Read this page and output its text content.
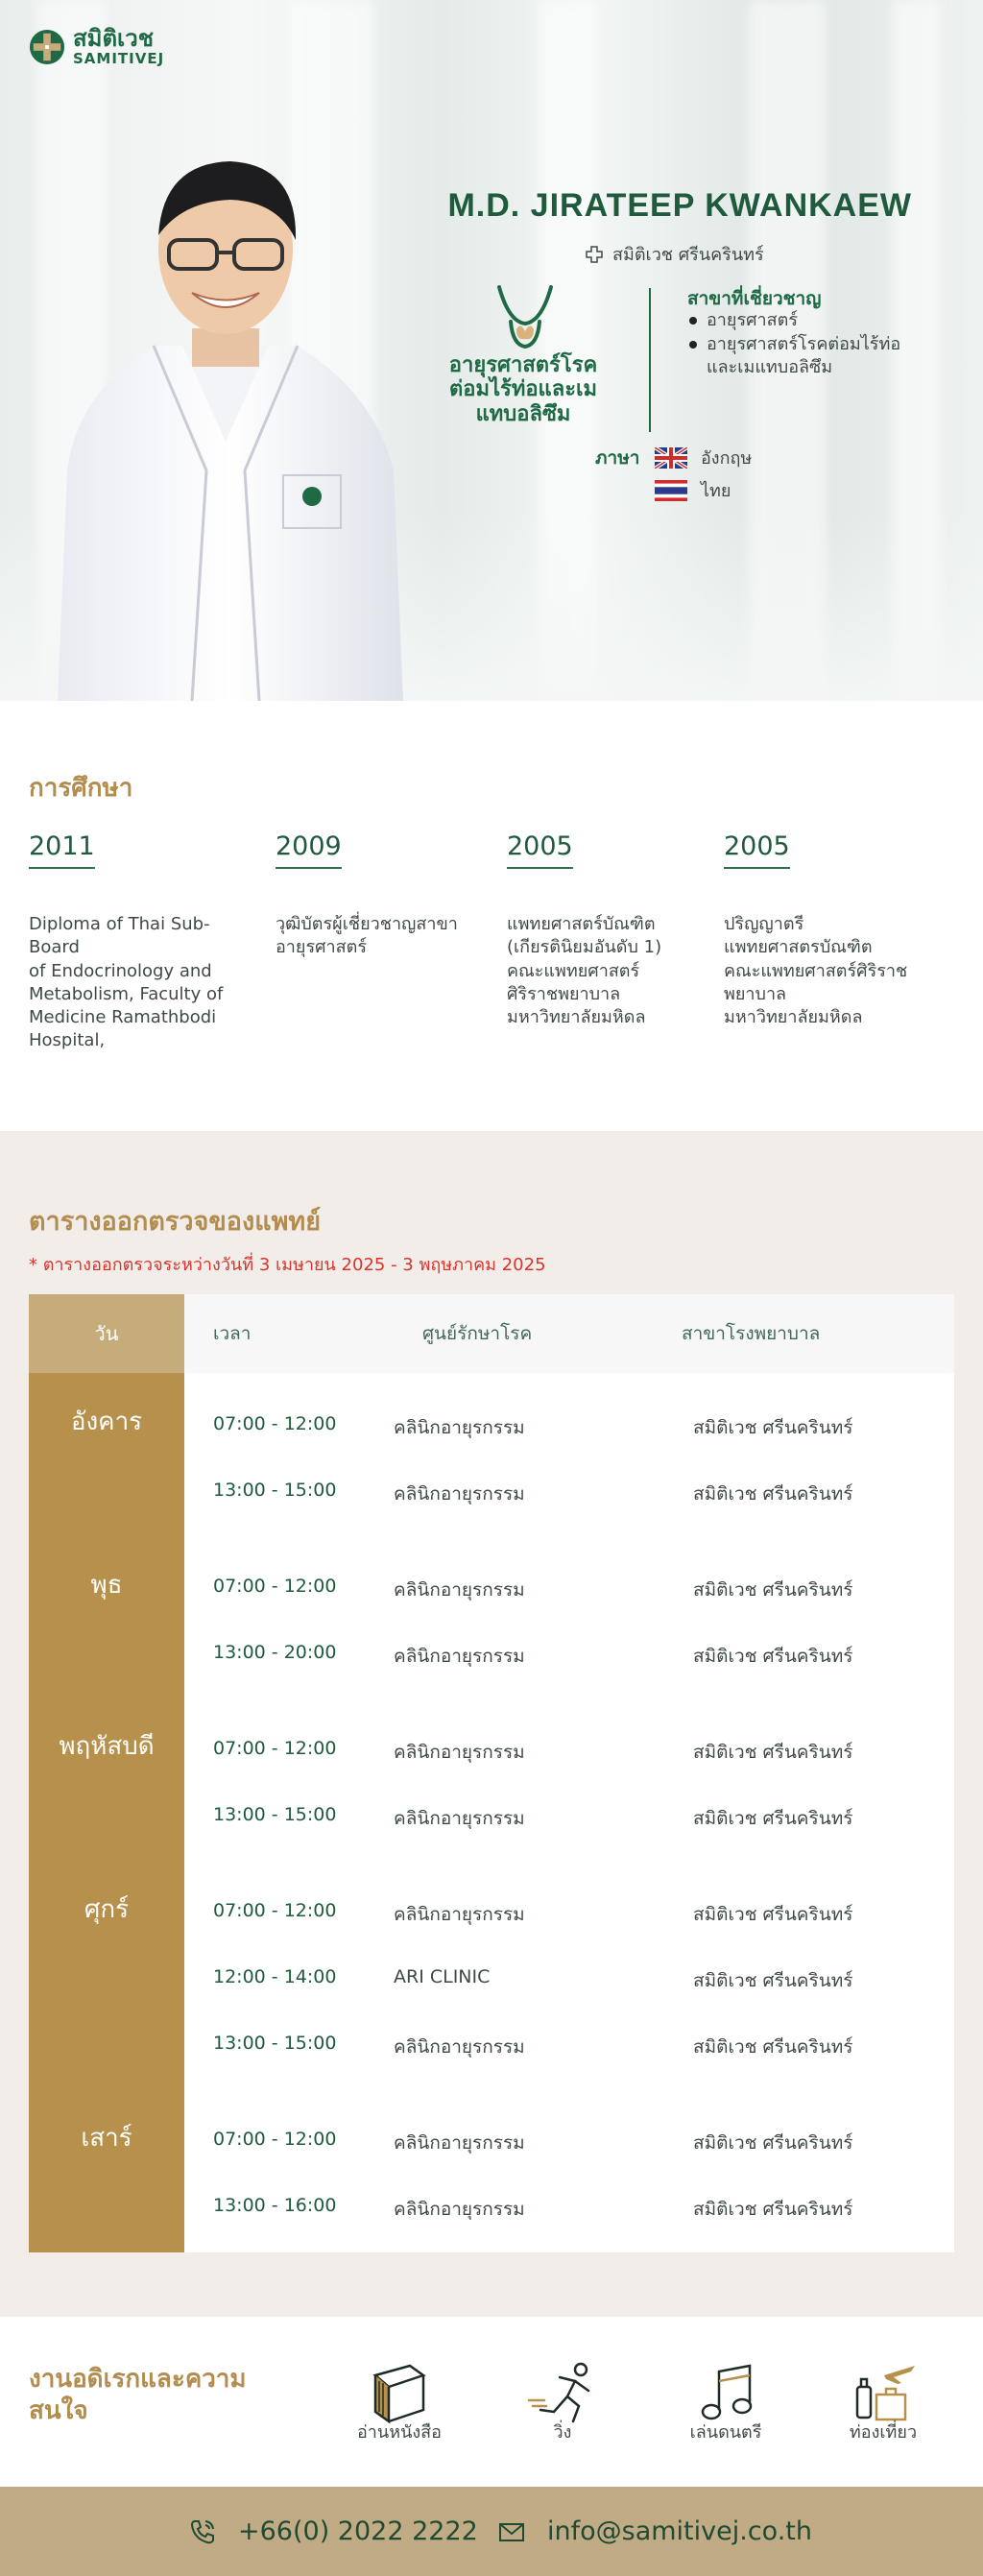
สมิติเวช
SAMITIVEJ
M.D. JIRATEEP KWANKAEW
สมิติเวช ศรีนครินทร์
อายุรศาสตร์โรคต่อมไร้ท่อและเมแทบอลิซึม
สาขาที่เชี่ยวชาญ
อายุรศาสตร์
อายุรศาสตร์โรคต่อมไร้ท่อและเมแทบอลิซึม
ภาษา	อังกฤษ
ไทย
การศึกษา
2011
Diploma of Thai Sub-Board
of Endocrinology and Metabolism, Faculty of Medicine Ramathbodi Hospital,
2009
วุฒิบัตรผู้เชี่ยวชาญสาขาอายุรศาสตร์
2005
แพทยศาสตร์บัณฑิต (เกียรตินิยมอันดับ 1)
คณะแพทยศาสตร์ศิริราชพยาบาล
มหาวิทยาลัยมหิดล
2005
ปริญญาตรี
แพทยศาสตรบัณฑิต
คณะแพทยศาสตร์ศิริราชพยาบาล
มหาวิทยาลัยมหิดล
ตารางออกตรวจของแพทย์
* ตารางออกตรวจระหว่างวันที่ 3 เมษายน 2025 - 3 พฤษภาคม 2025
วัน	เวลา	ศูนย์รักษาโรค	สาขาโรงพยาบาล
อังคาร	07:00 - 12:00	คลินิกอายุรกรรม	สมิติเวช ศรีนครินทร์
13:00 - 15:00	คลินิกอายุรกรรม	สมิติเวช ศรีนครินทร์
พุธ	07:00 - 12:00	คลินิกอายุรกรรม	สมิติเวช ศรีนครินทร์
13:00 - 20:00	คลินิกอายุรกรรม	สมิติเวช ศรีนครินทร์
พฤหัสบดี	07:00 - 12:00	คลินิกอายุรกรรม	สมิติเวช ศรีนครินทร์
13:00 - 15:00	คลินิกอายุรกรรม	สมิติเวช ศรีนครินทร์
ศุกร์	07:00 - 12:00	คลินิกอายุรกรรม	สมิติเวช ศรีนครินทร์
12:00 - 14:00	ARI CLINIC	สมิติเวช ศรีนครินทร์
13:00 - 15:00	คลินิกอายุรกรรม	สมิติเวช ศรีนครินทร์
เสาร์	07:00 - 12:00	คลินิกอายุรกรรม	สมิติเวช ศรีนครินทร์
13:00 - 16:00	คลินิกอายุรกรรม	สมิติเวช ศรีนครินทร์
งานอดิเรกและความสนใจ
อ่านหนังสือ	วิ่ง	เล่นดนตรี	ท่องเที่ยว
+66(0) 2022 2222	info@samitivej.co.th
